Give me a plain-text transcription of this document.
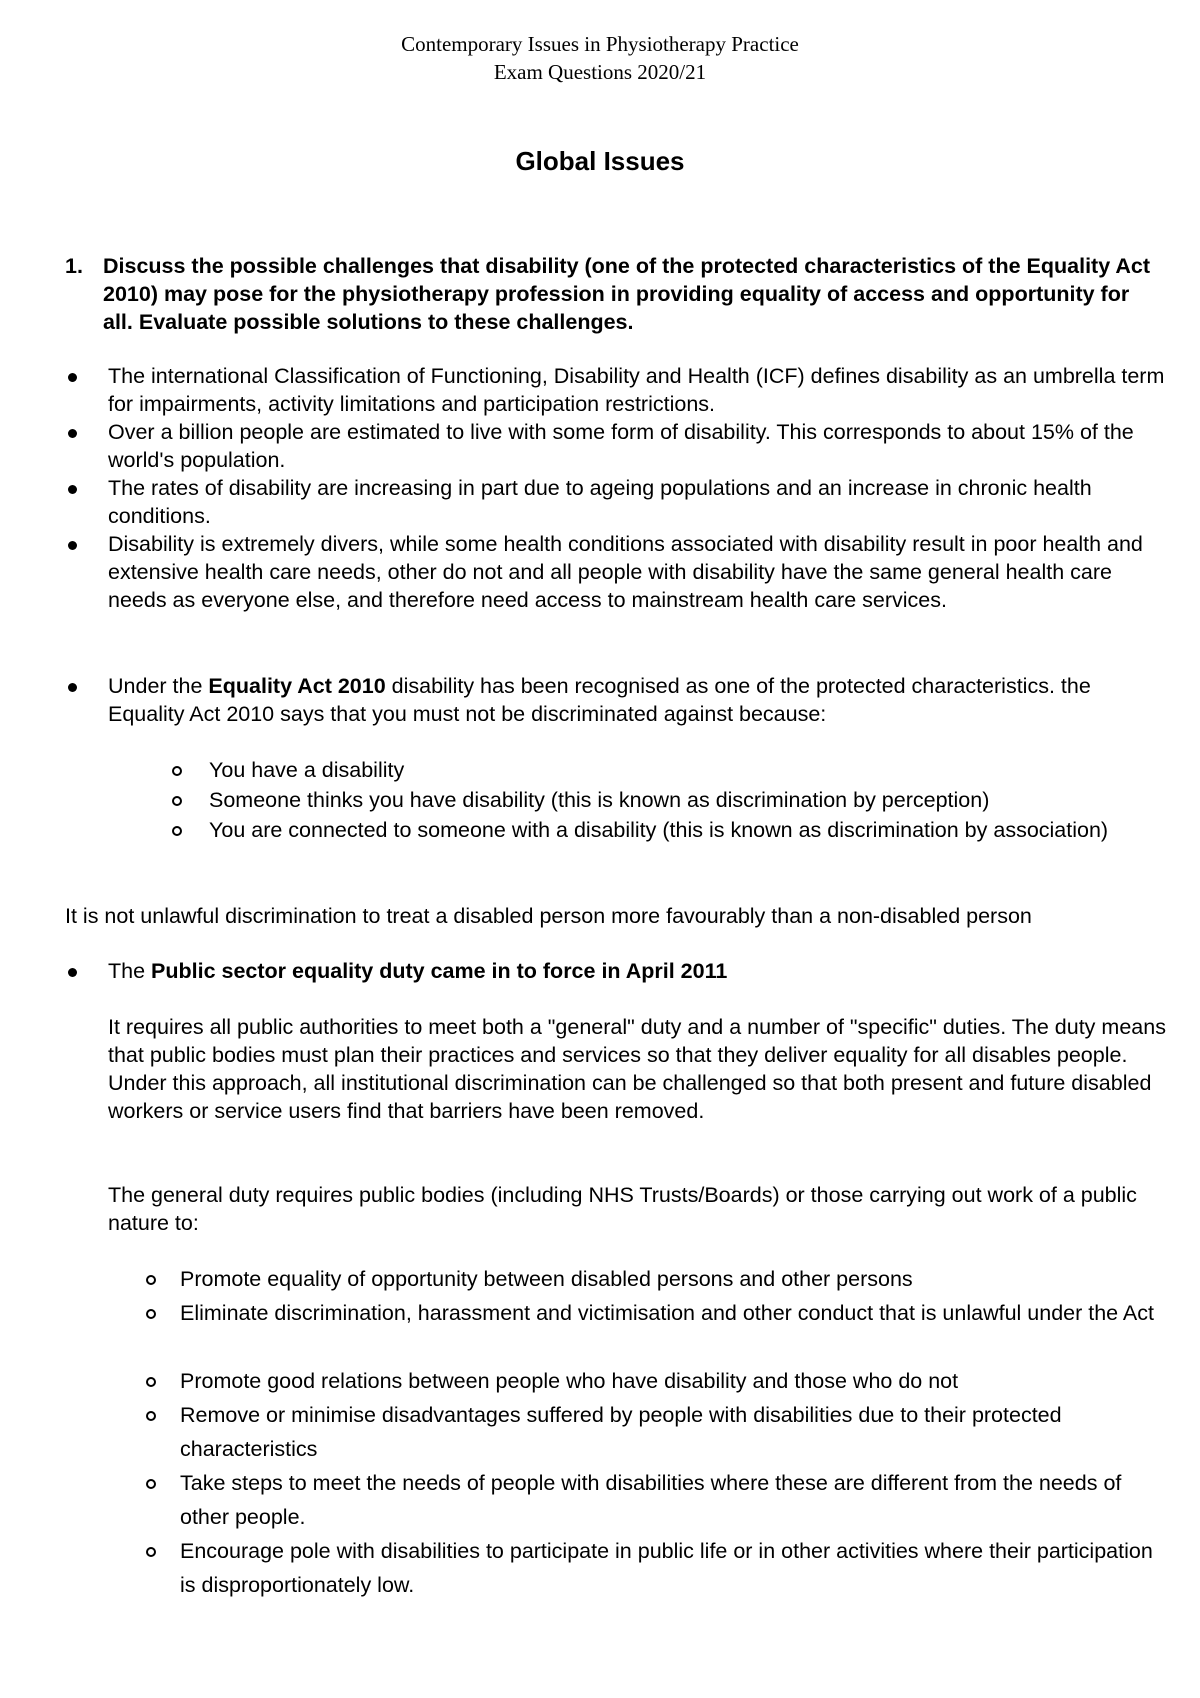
Contemporary Issues in Physiotherapy Practice
Exam Questions 2020/21
Global Issues
1. Discuss the possible challenges that disability (one of the protected characteristics of the Equality Act 2010) may pose for the physiotherapy profession in providing equality of access and opportunity for all. Evaluate possible solutions to these challenges.
The international Classification of Functioning, Disability and Health (ICF) defines disability as an umbrella term for impairments, activity limitations and participation restrictions.
Over a billion people are estimated to live with some form of disability. This corresponds to about 15% of the world's population.
The rates of disability are increasing in part due to ageing populations and an increase in chronic health conditions.
Disability is extremely divers, while some health conditions associated with disability result in poor health and extensive health care needs, other do not and all people with disability have the same general health care needs as everyone else, and therefore need access to mainstream health care services.
Under the Equality Act 2010 disability has been recognised as one of the protected characteristics. the Equality Act 2010 says that you must not be discriminated against because:
You have a disability
Someone thinks you have disability (this is known as discrimination by perception)
You are connected to someone with a disability (this is known as discrimination by association)
It is not unlawful discrimination to treat a disabled person more favourably than a non-disabled person
The Public sector equality duty came in to force in April 2011
It requires all public authorities to meet both a "general" duty and a number of "specific" duties. The duty means that public bodies must plan their practices and services so that they deliver equality for all disables people. Under this approach, all institutional discrimination can be challenged so that both present and future disabled workers or service users find that barriers have been removed.
The general duty requires public bodies (including NHS Trusts/Boards) or those carrying out work of a public nature to:
Promote equality of opportunity between disabled persons and other persons
Eliminate discrimination, harassment and victimisation and other conduct that is unlawful under the Act
Promote good relations between people who have disability and those who do not
Remove or minimise disadvantages suffered by people with disabilities due to their protected characteristics
Take steps to meet the needs of people with disabilities where these are different from the needs of other people.
Encourage pole with disabilities to participate in public life or in other activities where their participation is disproportionately low.
